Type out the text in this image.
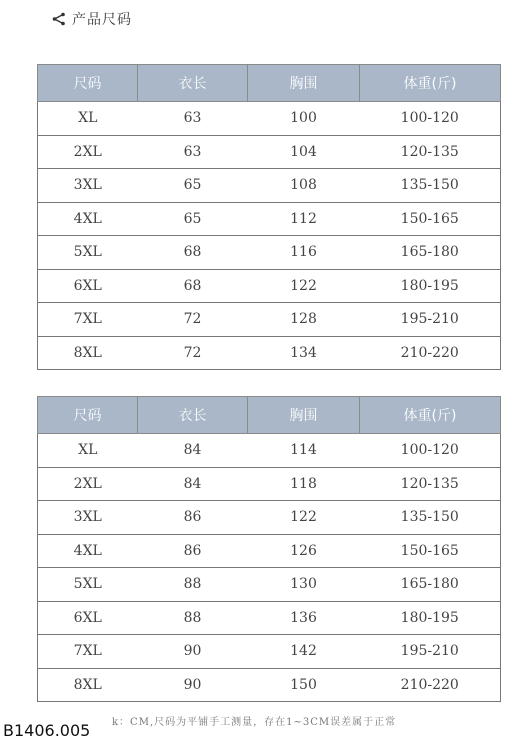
产品尺码
尺码	衣长	胸围	体重(斤)
XL	63	100	100-120
2XL	63	104	120-135
3XL	65	108	135-150
4XL	65	112	150-165
5XL	68	116	165-180
6XL	68	122	180-195
7XL	72	128	195-210
8XL	72	134	210-220
尺码	衣长	胸围	体重(斤)
XL	84	114	100-120
2XL	84	118	120-135
3XL	86	122	135-150
4XL	86	126	150-165
5XL	88	130	165-180
6XL	88	136	180-195
7XL	90	142	195-210
8XL	90	150	210-220
k：CM,尺码为平铺手工测量，存在1~3CM误差属于正常
B1406.005
